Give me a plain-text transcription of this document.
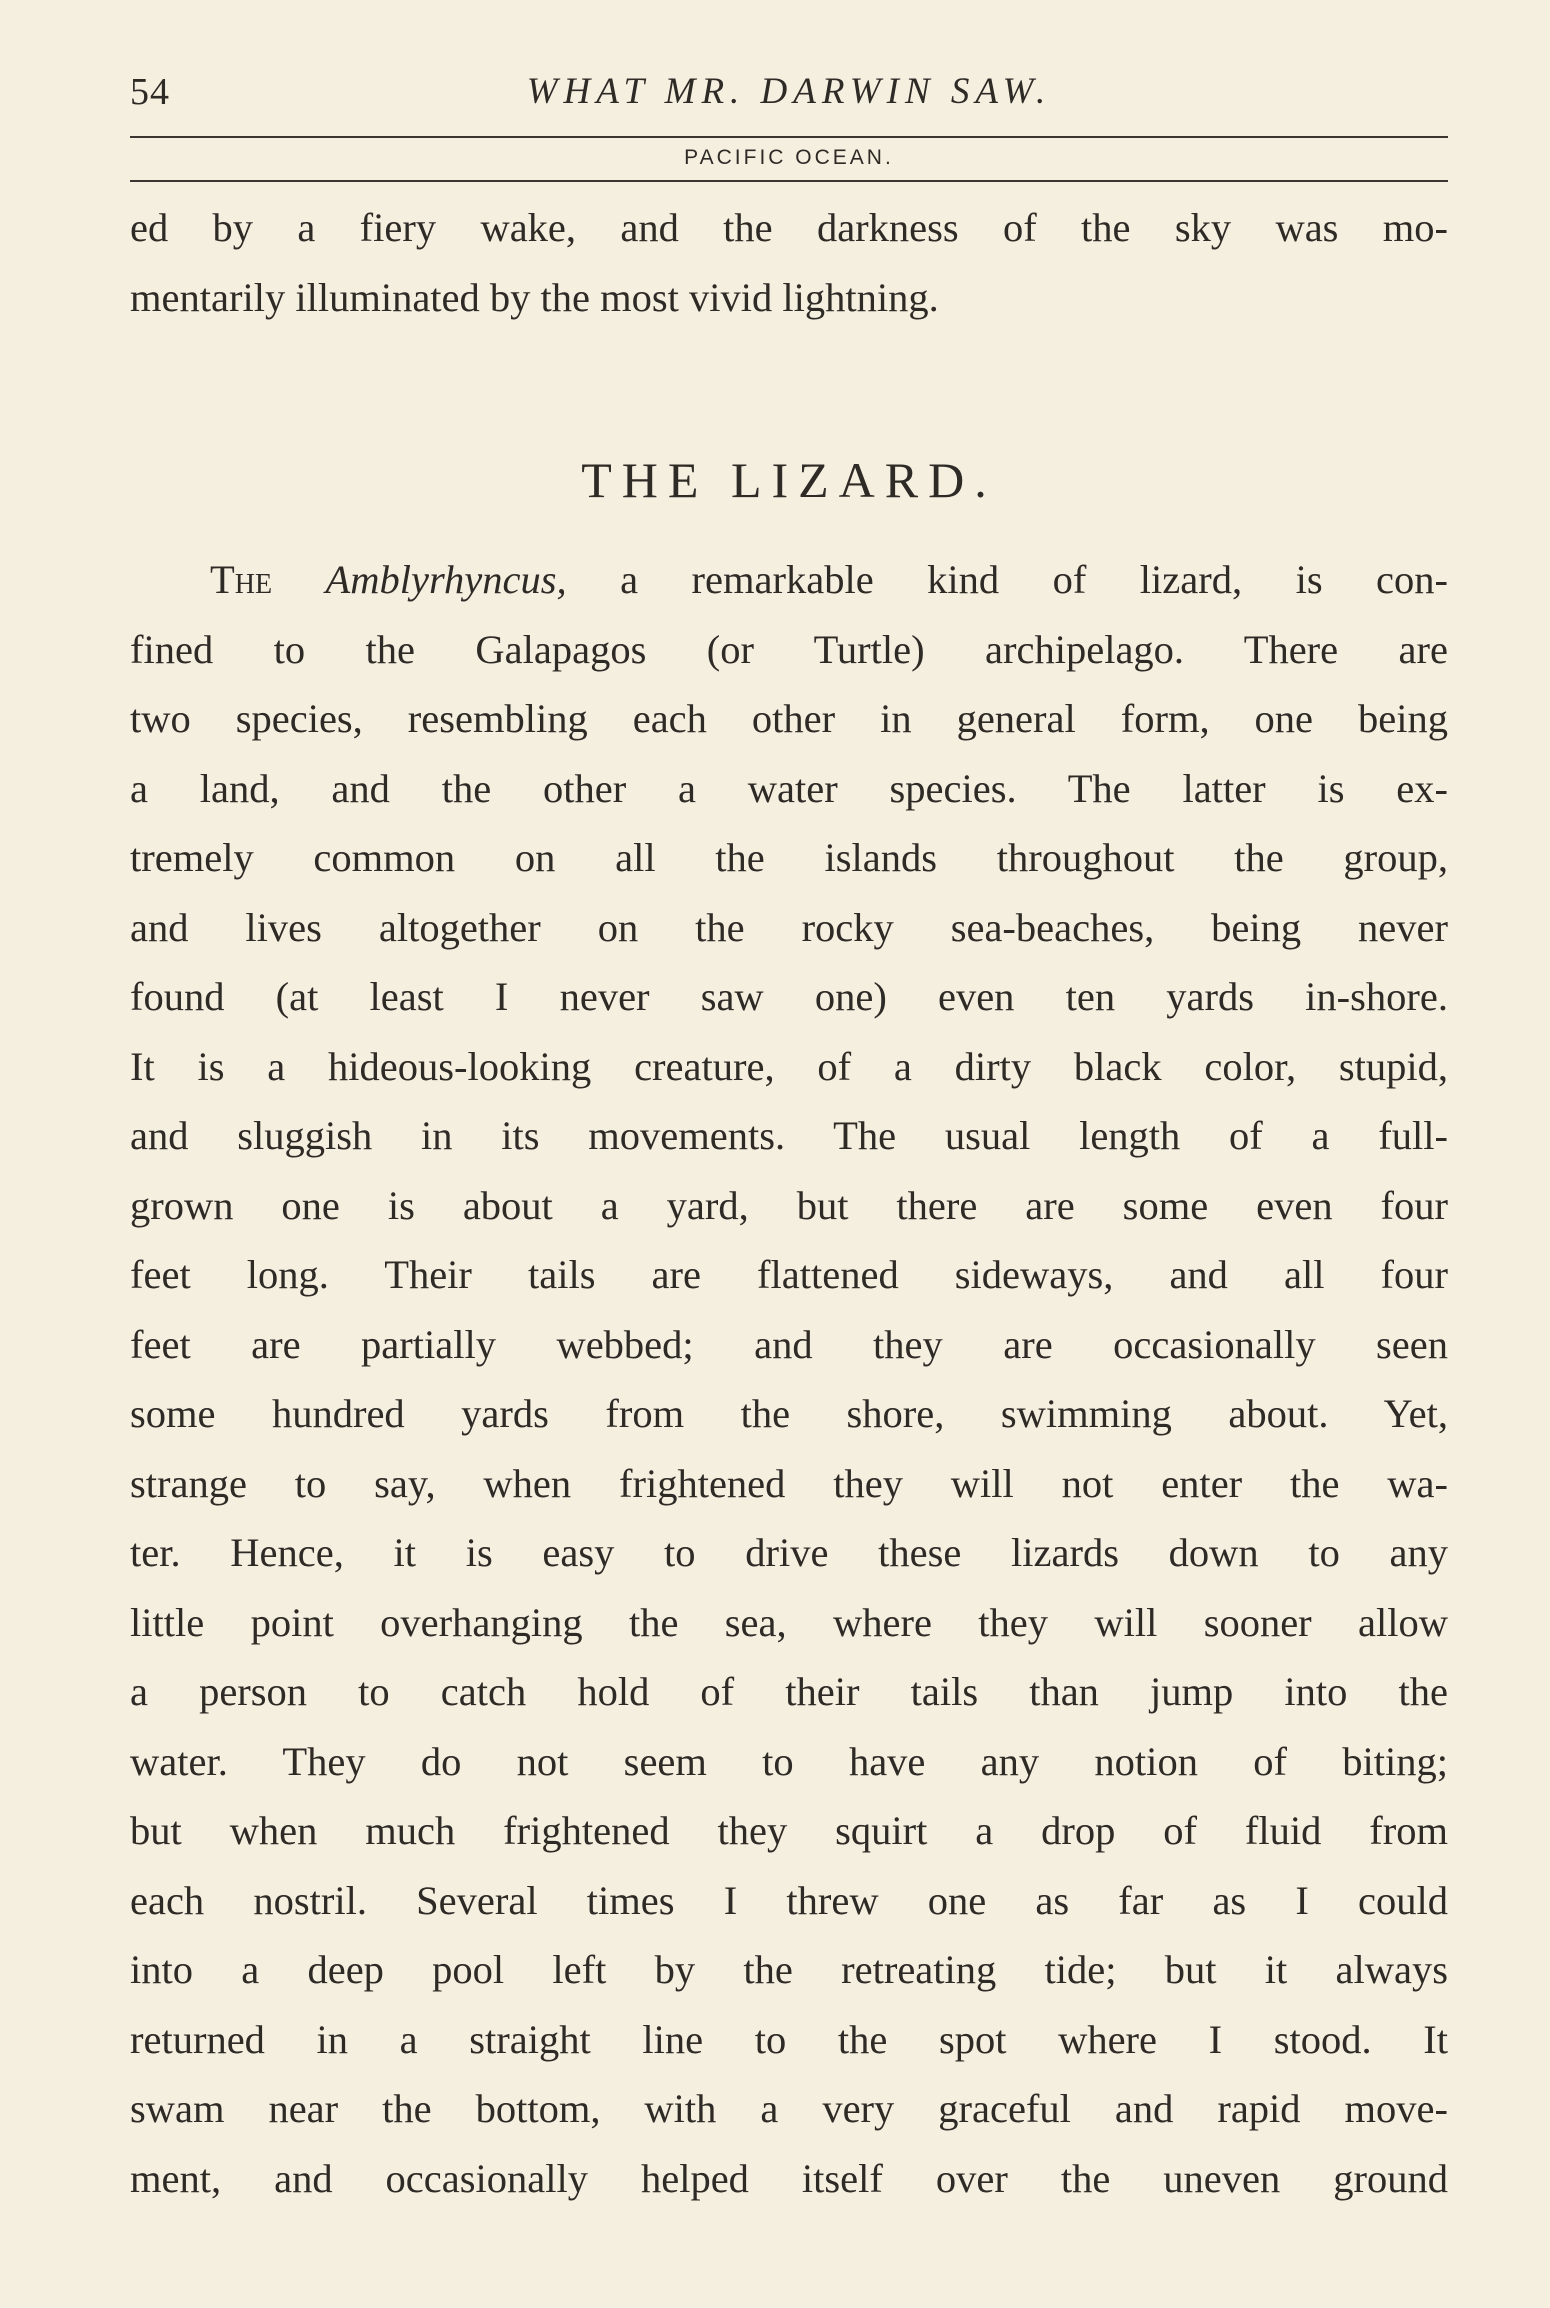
54	WHAT MR. DARWIN SAW.
PACIFIC OCEAN.
ed by a fiery wake, and the darkness of the sky was mo-
mentarily illuminated by the most vivid lightning.
THE LIZARD.
The Amblyrhyncus, a remarkable kind of lizard, is con-
fined to the Galapagos (or Turtle) archipelago. There are
two species, resembling each other in general form, one being
a land, and the other a water species. The latter is ex-
tremely common on all the islands throughout the group,
and lives altogether on the rocky sea-beaches, being never
found (at least I never saw one) even ten yards in-shore.
It is a hideous-looking creature, of a dirty black color, stupid,
and sluggish in its movements. The usual length of a full-
grown one is about a yard, but there are some even four
feet long. Their tails are flattened sideways, and all four
feet are partially webbed; and they are occasionally seen
some hundred yards from the shore, swimming about. Yet,
strange to say, when frightened they will not enter the wa-
ter. Hence, it is easy to drive these lizards down to any
little point overhanging the sea, where they will sooner allow
a person to catch hold of their tails than jump into the
water. They do not seem to have any notion of biting;
but when much frightened they squirt a drop of fluid from
each nostril. Several times I threw one as far as I could
into a deep pool left by the retreating tide; but it always
returned in a straight line to the spot where I stood. It
swam near the bottom, with a very graceful and rapid move-
ment, and occasionally helped itself over the uneven ground
